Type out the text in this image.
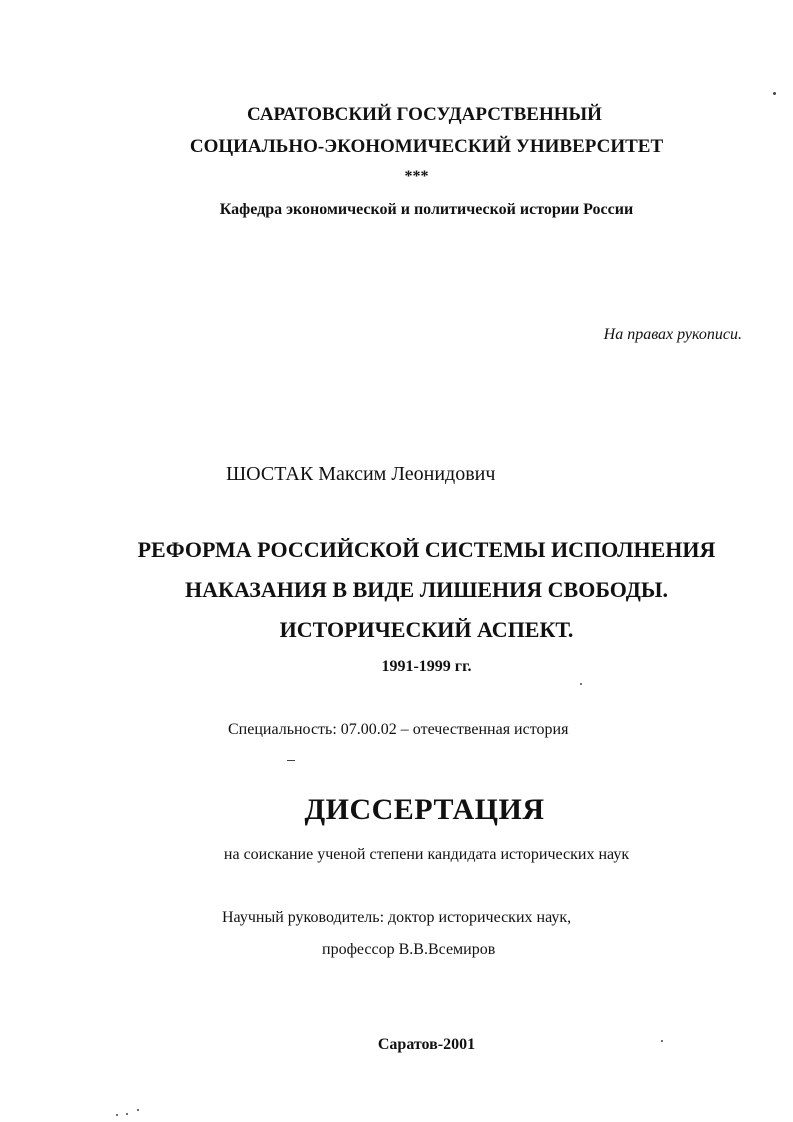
САРАТОВСКИЙ ГОСУДАРСТВЕННЫЙ
СОЦИАЛЬНО-ЭКОНОМИЧЕСКИЙ УНИВЕРСИТЕТ
***
Кафедра экономической и политической истории России
На правах рукописи.
ШОСТАК Максим Леонидович
РЕФОРМА РОССИЙСКОЙ СИСТЕМЫ ИСПОЛНЕНИЯ
НАКАЗАНИЯ В ВИДЕ ЛИШЕНИЯ СВОБОДЫ.
ИСТОРИЧЕСКИЙ АСПЕКТ.
1991-1999 гг.
Специальность: 07.00.02 – отечественная история
ДИССЕРТАЦИЯ
на соискание ученой степени кандидата исторических наук
Научный руководитель: доктор исторических наук,
профессор В.В.Всемиров
Саратов-2001
